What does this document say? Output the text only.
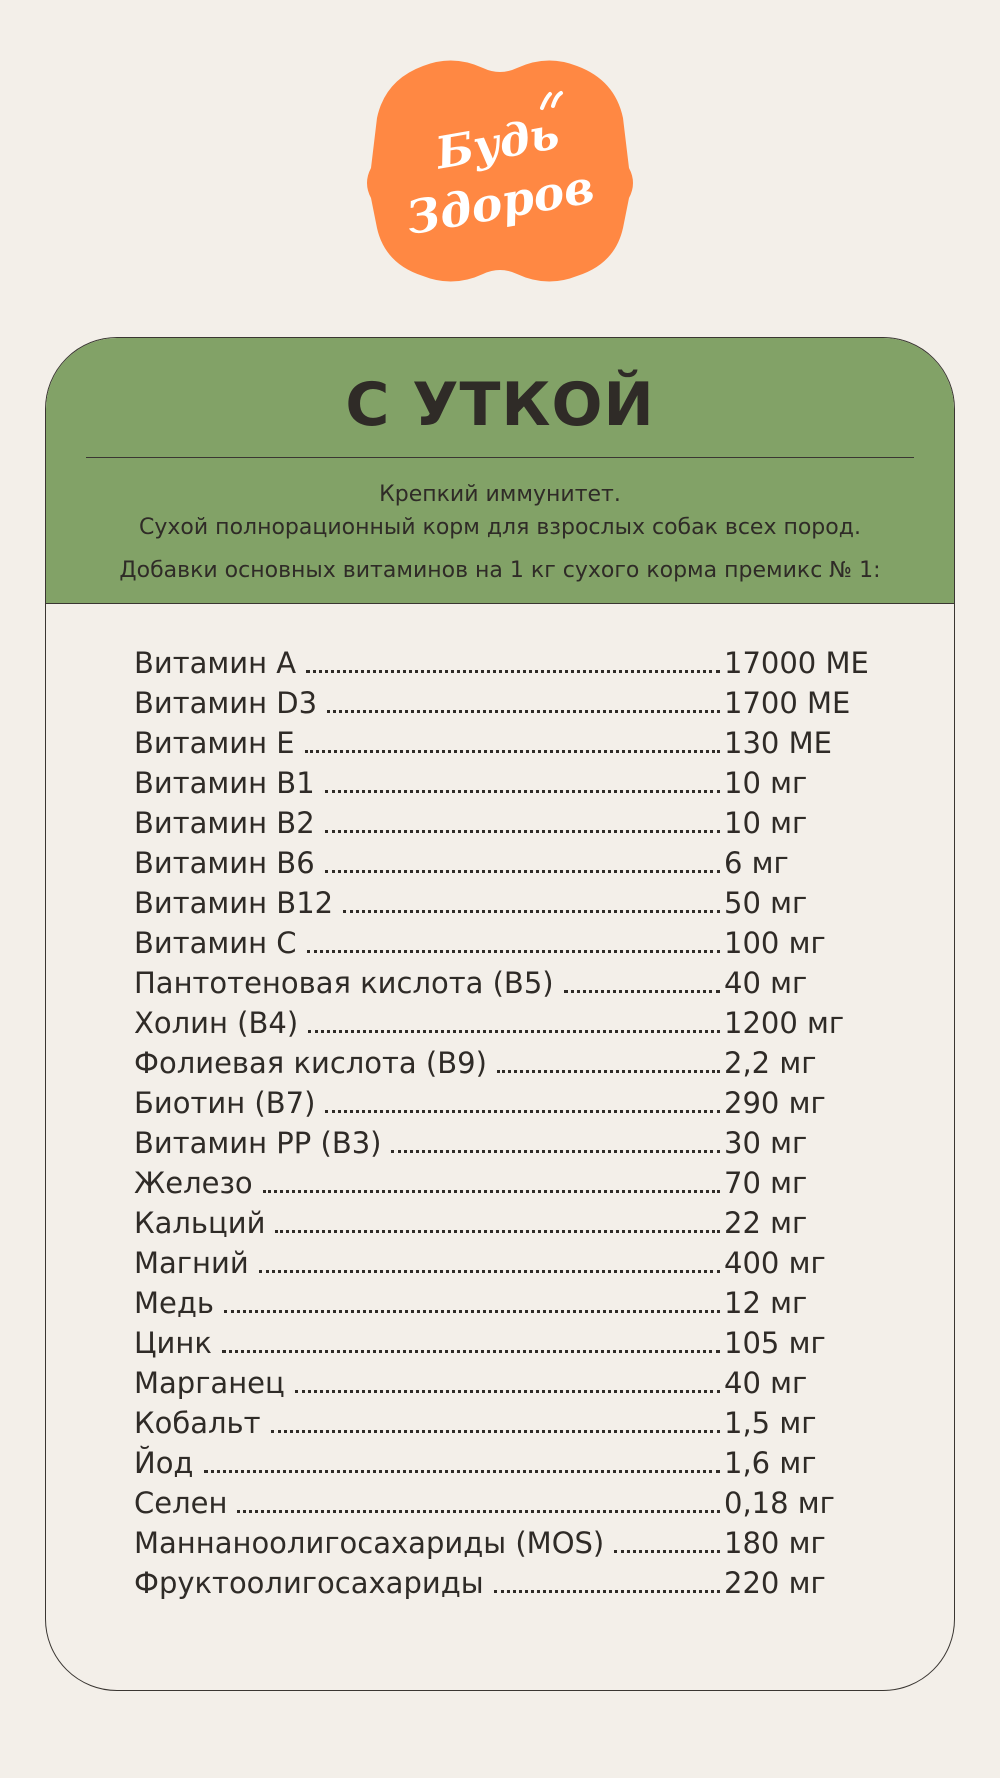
Будь
Здоров
С УТКОЙ
Крепкий иммунитет.
Сухой полнорационный корм для взрослых собак всех пород.
Добавки основных витаминов на 1 кг сухого корма премикс № 1:
Витамин А	17000 МЕ
Витамин D3	1700 МЕ
Витамин Е	130 МЕ
Витамин В1	10 мг
Витамин В2	10 мг
Витамин В6	6 мг
Витамин В12	50 мг
Витамин С	100 мг
Пантотеновая кислота (В5)	40 мг
Холин (В4)	1200 мг
Фолиевая кислота (В9)	2,2 мг
Биотин (В7)	290 мг
Витамин РР (В3)	30 мг
Железо	70 мг
Кальций	22 мг
Магний	400 мг
Медь	12 мг
Цинк	105 мг
Марганец	40 мг
Кобальт	1,5 мг
Йод	1,6 мг
Селен	0,18 мг
Маннаноолигосахариды (MOS)	180 мг
Фруктоолигосахариды	220 мг
